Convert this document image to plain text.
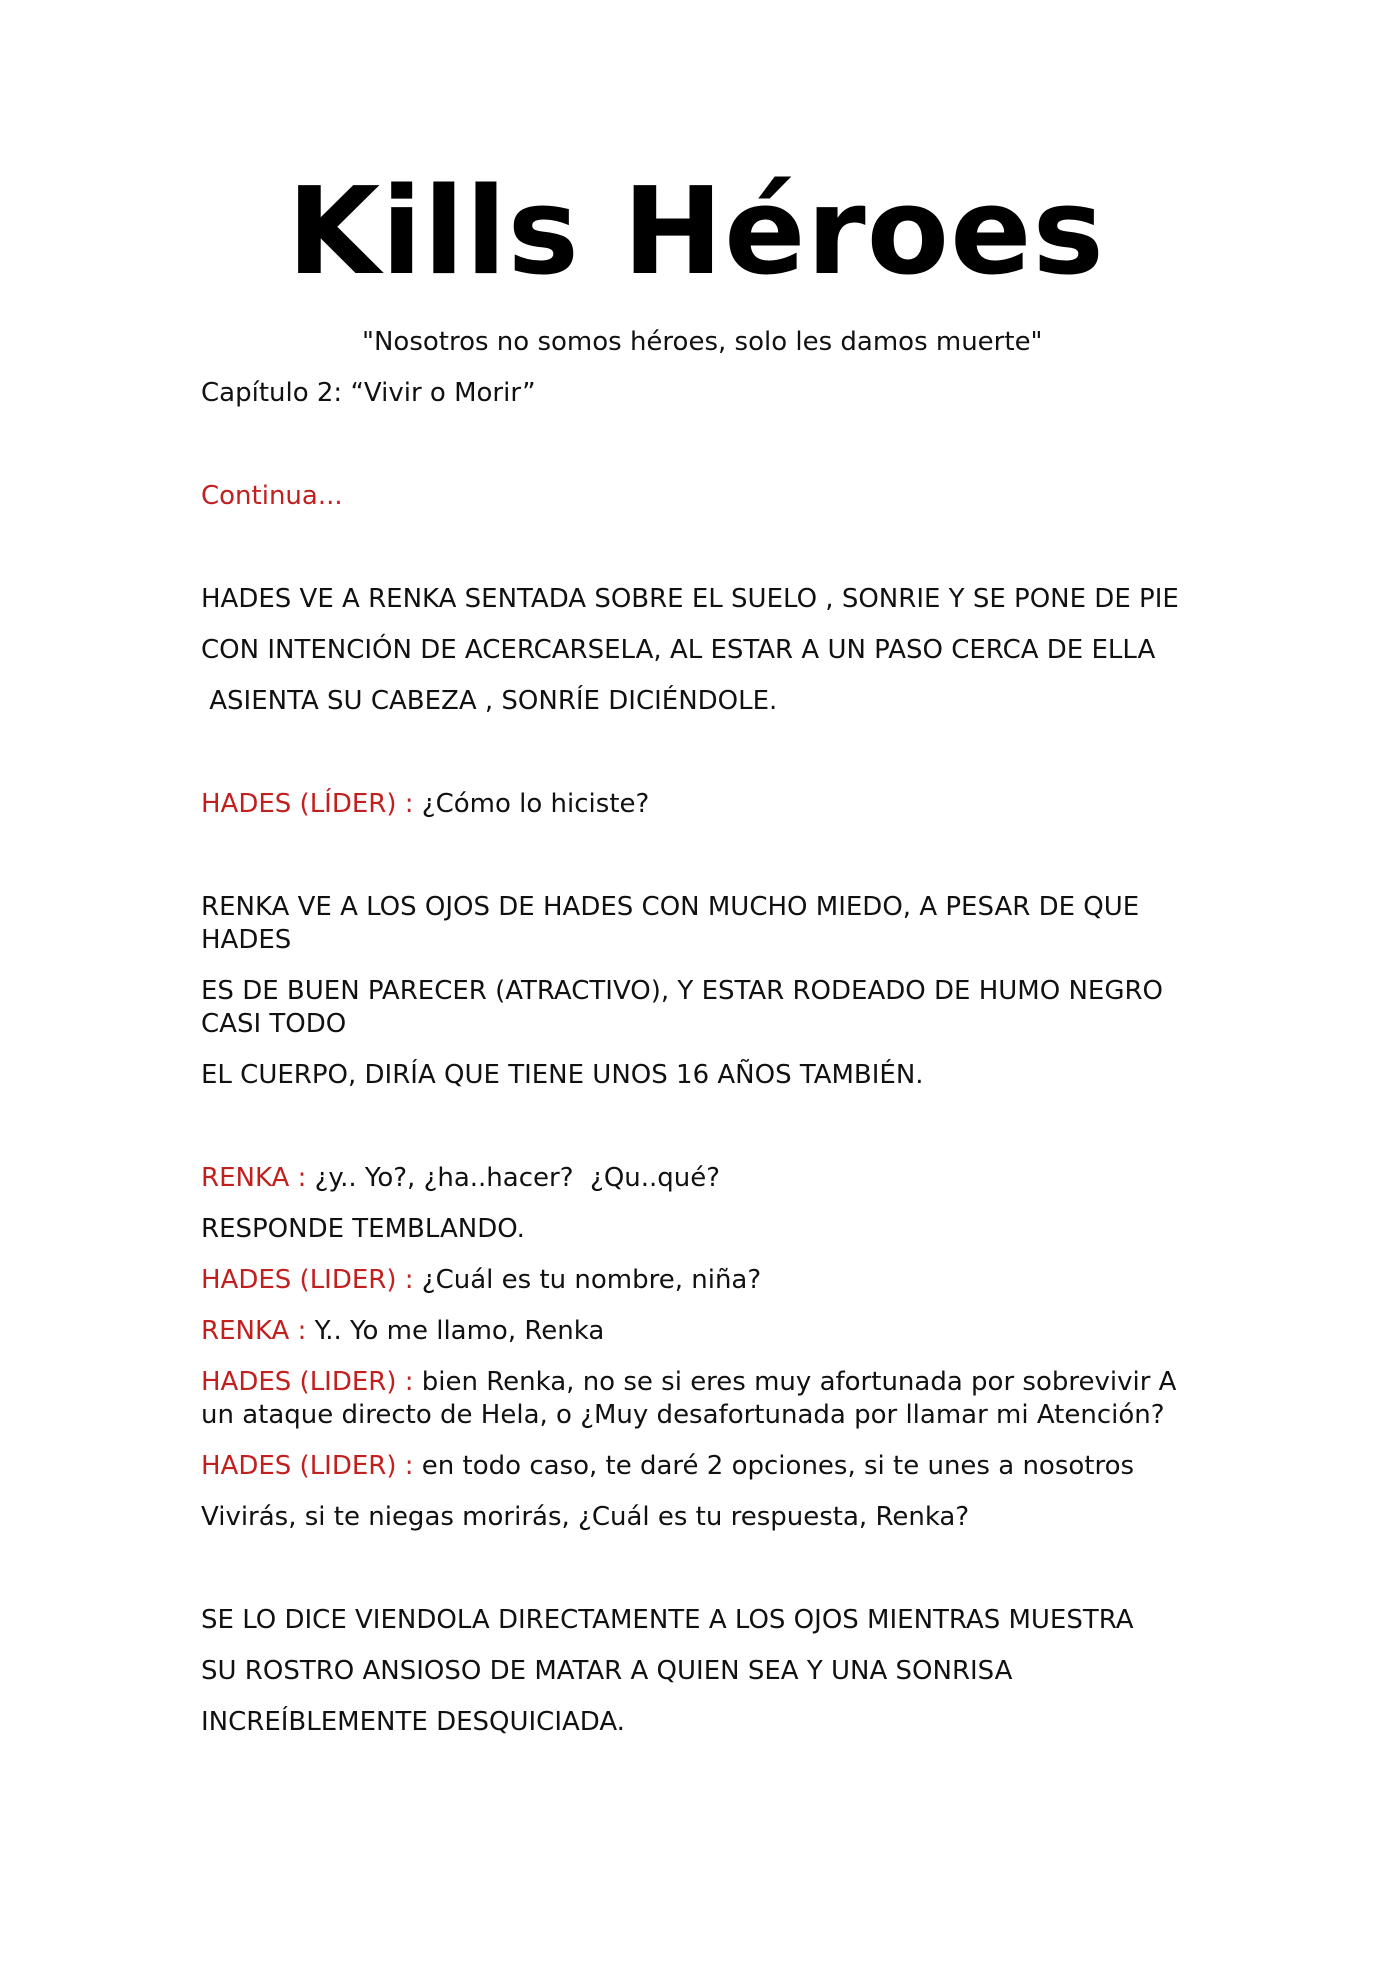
Kills Héroes
"Nosotros no somos héroes, solo les damos muerte"
Capítulo 2: “Vivir o Morir”
Continua...
HADES VE A RENKA SENTADA SOBRE EL SUELO , SONRIE Y SE PONE DE PIE
CON INTENCIÓN DE ACERCARSELA, AL ESTAR A UN PASO CERCA DE ELLA
ASIENTA SU CABEZA , SONRÍE DICIÉNDOLE.
HADES (LÍDER) : ¿Cómo lo hiciste?
RENKA VE A LOS OJOS DE HADES CON MUCHO MIEDO, A PESAR DE QUE
HADES
ES DE BUEN PARECER (ATRACTIVO), Y ESTAR RODEADO DE HUMO NEGRO
CASI TODO
EL CUERPO, DIRÍA QUE TIENE UNOS 16 AÑOS TAMBIÉN.
RENKA : ¿y.. Yo?, ¿ha..hacer?  ¿Qu..qué?
RESPONDE TEMBLANDO.
HADES (LIDER) : ¿Cuál es tu nombre, niña?
RENKA : Y.. Yo me llamo, Renka
HADES (LIDER) : bien Renka, no se si eres muy afortunada por sobrevivir A
un ataque directo de Hela, o ¿Muy desafortunada por llamar mi Atención?
HADES (LIDER) : en todo caso, te daré 2 opciones, si te unes a nosotros
Vivirás, si te niegas morirás, ¿Cuál es tu respuesta, Renka?
SE LO DICE VIENDOLA DIRECTAMENTE A LOS OJOS MIENTRAS MUESTRA
SU ROSTRO ANSIOSO DE MATAR A QUIEN SEA Y UNA SONRISA
INCREÍBLEMENTE DESQUICIADA.
